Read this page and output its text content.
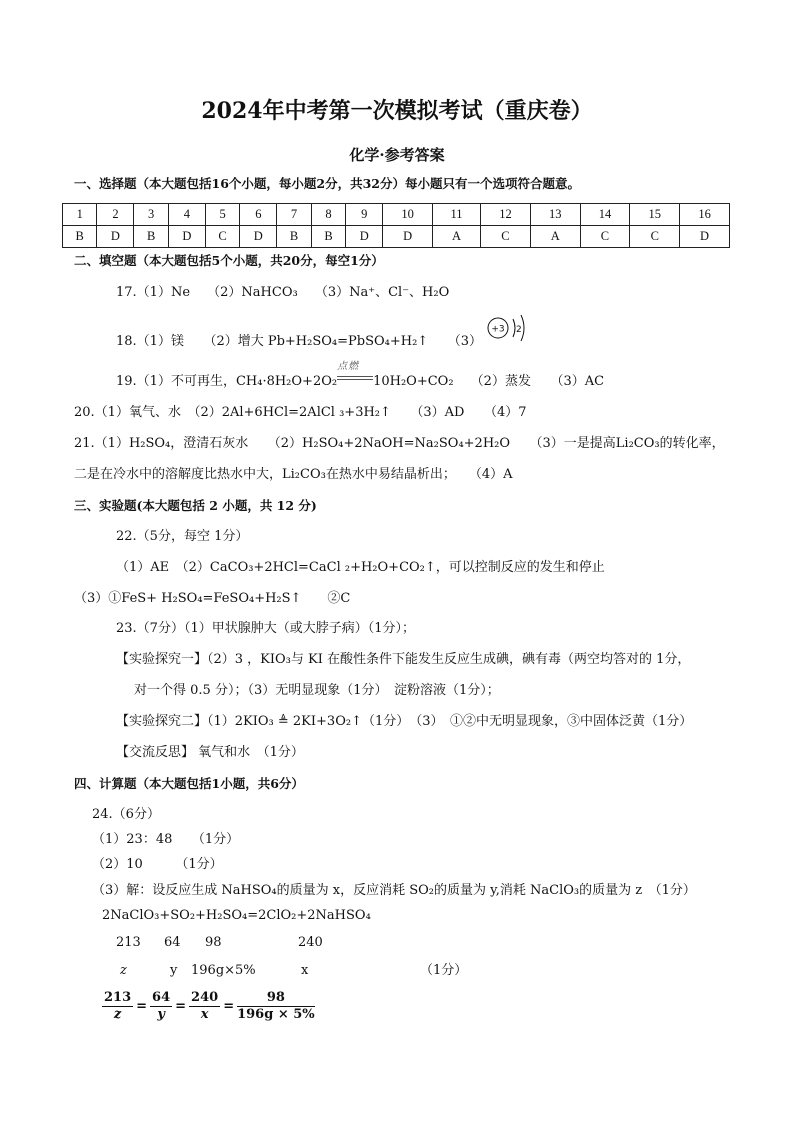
2024年中考第一次模拟考试（重庆卷）
化学·参考答案
一、选择题（本大题包括16个小题，每小题2分，共32分）每小题只有一个选项符合题意。
1	2	3	4	5	6	7	8	9	10	11	12	13	14	15	16
B	D	B	D	C	D	B	B	D	D	A	C	A	C	C	D
二、填空题（本大题包括5个小题，共20分，每空1分）
17.（1）Ne　 （2）NaHCO₃　 （3）Na⁺、Cl⁻、H₂O
18.（1）镁　　（2）增大 Pb+H₂SO₄=PbSO₄+H₂↑　　（3）
+3 2
19.（1）不可再生，CH₄·8H₂O+2O₂
点燃
10H₂O+CO₂　 （2）蒸发　　（3）AC
20.（1）氧气、水　（2）2Al+6HCl=2AlCl ₃+3H₂↑　　（3）AD　　（4）7
21.（1）H₂SO₄，澄清石灰水　　（2）H₂SO₄+2NaOH=Na₂SO₄+2H₂O　　（3）一是提高Li₂CO₃的转化率，
二是在冷水中的溶解度比热水中大，Li₂CO₃在热水中易结晶析出；　　（4）A
三、实验题(本大题包括 2 小题，共 12 分)
22.（5分，每空 1分）
（1）AE　（2）CaCO₃+2HCl=CaCl ₂+H₂O+CO₂↑，可以控制反应的发生和停止
（3）①FeS+ H₂SO₄=FeSO₄+H₂S↑　　②C
23.（7分）（1）甲状腺肿大（或大脖子病）（1分）；
【实验探究一】（2）3 ，KIO₃与 KI 在酸性条件下能发生反应生成碘，碘有毒（两空均答对的 1分，
对一个得 0.5 分）；（3）无明显现象（1分）　淀粉溶液（1分）；
【实验探究二】（1）2KIO₃ ≜ 2KI+3O₂↑（1分）　（3）　①②中无明显现象，③中固体泛黄（1分）
【交流反思】 氧气和水　（1分）
四、计算题（本大题包括1小题，共6分）
24.（6分）
（1）23：48　　（1分）
（2）10　　　（1分）
（3）解：设反应生成 NaHSO₄的质量为 x，反应消耗 SO₂的质量为 y,消耗 NaClO₃的质量为 z　（1分）
2NaClO₃+SO₂+H₂SO₄=2ClO₂+2NaHSO₄
213 64 98	240
z	y 196g×5%	x	（1分）
$\frac{213}{z} = \frac{64}{y} = \frac{240}{x} = \frac{98}{196g \times 5\%}$
